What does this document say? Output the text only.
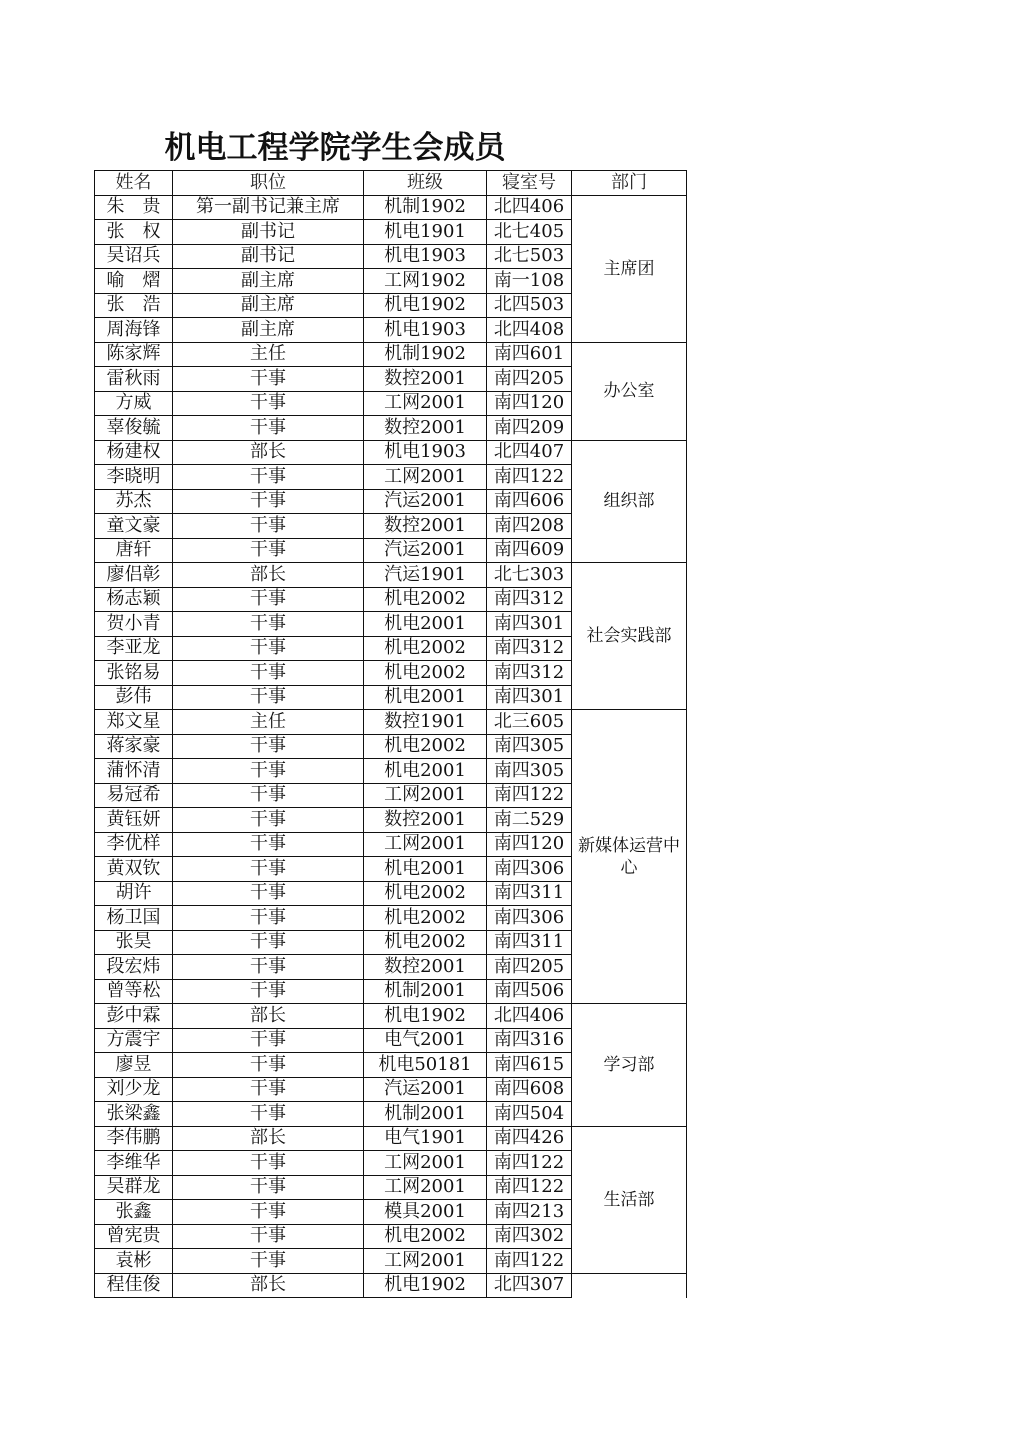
机电工程学院学生会成员
姓名	职位	班级	寝室号	部门
朱　贵	第一副书记兼主席	机制1902	北四406	主席团
张　权	副书记	机电1901	北七405	
吴诏兵	副书记	机电1903	北七503	
喻　熠	副主席	工网1902	南一108	
张　浩	副主席	机电1902	北四503	
周海锋	副主席	机电1903	北四408	
陈家辉	主任	机制1902	南四601	办公室
雷秋雨	干事	数控2001	南四205	
方威	干事	工网2001	南四120	
辜俊毓	干事	数控2001	南四209	
杨建权	部长	机电1903	北四407	组织部
李晓明	干事	工网2001	南四122	
苏杰	干事	汽运2001	南四606	
童文豪	干事	数控2001	南四208	
唐轩	干事	汽运2001	南四609	
廖侣彰	部长	汽运1901	北七303	社会实践部
杨志颖	干事	机电2002	南四312	
贺小青	干事	机电2001	南四301	
李亚龙	干事	机电2002	南四312	
张铭易	干事	机电2002	南四312	
彭伟	干事	机电2001	南四301	
郑文星	主任	数控1901	北三605	新媒体运营中心
蒋家豪	干事	机电2002	南四305	
蒲怀清	干事	机电2001	南四305	
易冠希	干事	工网2001	南四122	
黄钰妍	干事	数控2001	南二529	
李优样	干事	工网2001	南四120	
黄双钦	干事	机电2001	南四306	
胡许	干事	机电2002	南四311	
杨卫国	干事	机电2002	南四306	
张昊	干事	机电2002	南四311	
段宏炜	干事	数控2001	南四205	
曾等松	干事	机制2001	南四506	
彭中霖	部长	机电1902	北四406	学习部
方震宇	干事	电气2001	南四316	
廖昱	干事	机电50181	南四615	
刘少龙	干事	汽运2001	南四608	
张梁鑫	干事	机制2001	南四504	
李伟鹏	部长	电气1901	南四426	生活部
李维华	干事	工网2001	南四122	
吴群龙	干事	工网2001	南四122	
张鑫	干事	模具2001	南四213	
曾宪贵	干事	机电2002	南四302	
袁彬	干事	工网2001	南四122	
程佳俊	部长	机电1902	北四307	
